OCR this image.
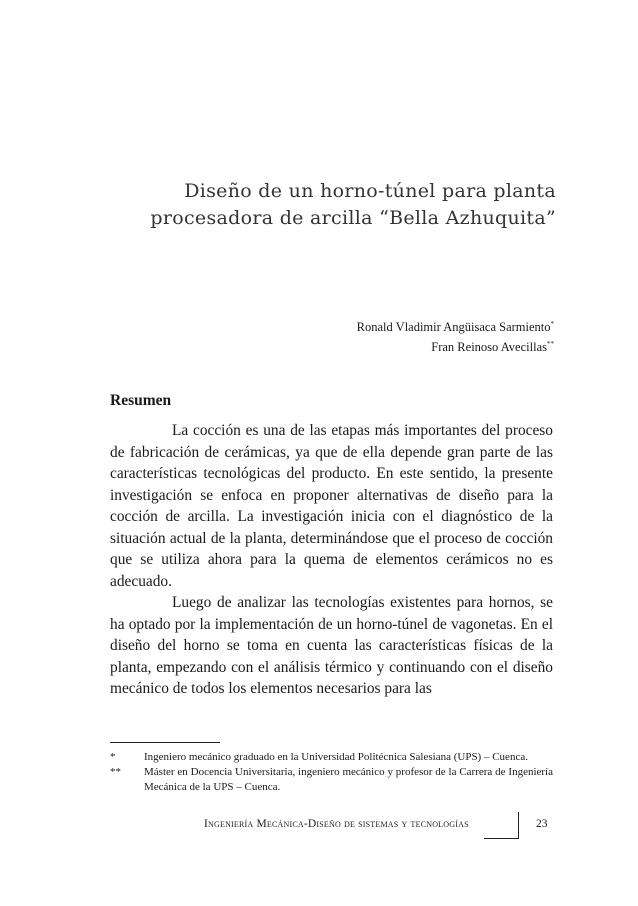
Diseño de un horno-túnel para planta
procesadora de arcilla “Bella Azhuquita”
Ronald Vladimir Angüisaca Sarmiento*
Fran Reinoso Avecillas**
Resumen

La cocción es una de las etapas más importantes del proceso de fabricación de cerámicas, ya que de ella depende gran parte de las características tecnológicas del producto. En este sentido, la presente investigación se enfoca en proponer alternativas de diseño para la cocción de arcilla. La investigación inicia con el diagnóstico de la situación actual de la planta, determinándose que el proceso de cocción que se utiliza ahora para la quema de elementos cerámicos no es adecuado.

Luego de analizar las tecnologías existentes para hornos, se ha optado por la implementación de un horno-túnel de vagonetas. En el diseño del horno se toma en cuenta las características físicas de la planta, empezando con el análisis térmico y continuando con el diseño mecánico de todos los elementos necesarios para las

*	Ingeniero mecánico graduado en la Universidad Politécnica Salesiana (UPS) – Cuenca.
**	Máster en Docencia Universitaria, ingeniero mecánico y profesor de la Carrera de Ingeniería Mecánica de la UPS – Cuenca.
Ingeniería Mecánica-Diseño de sistemas y tecnologías	23
